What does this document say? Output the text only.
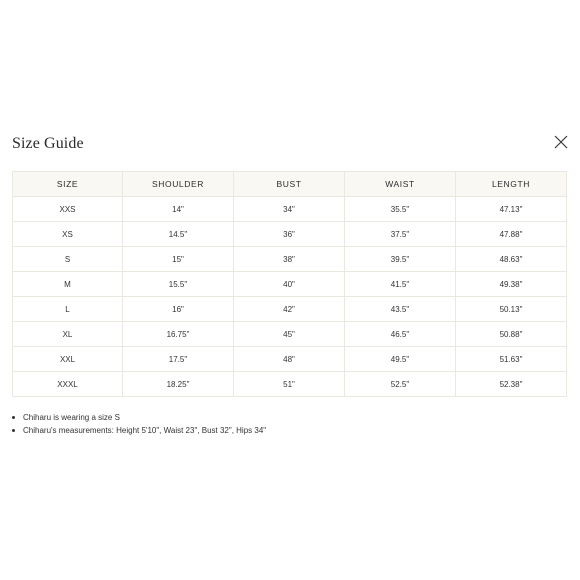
Size Guide
SIZE	SHOULDER	BUST	WAIST	LENGTH
XXS	14"	34"	35.5"	47.13"
XS	14.5"	36"	37.5"	47.88"
S	15"	38"	39.5"	48.63"
M	15.5"	40"	41.5"	49.38"
L	16"	42"	43.5"	50.13"
XL	16.75"	45"	46.5"	50.88"
XXL	17.5"	48"	49.5"	51.63"
XXXL	18.25"	51"	52.5"	52.38"
Chiharu is wearing a size S
Chiharu's measurements: Height 5'10", Waist 23", Bust 32", Hips 34"
